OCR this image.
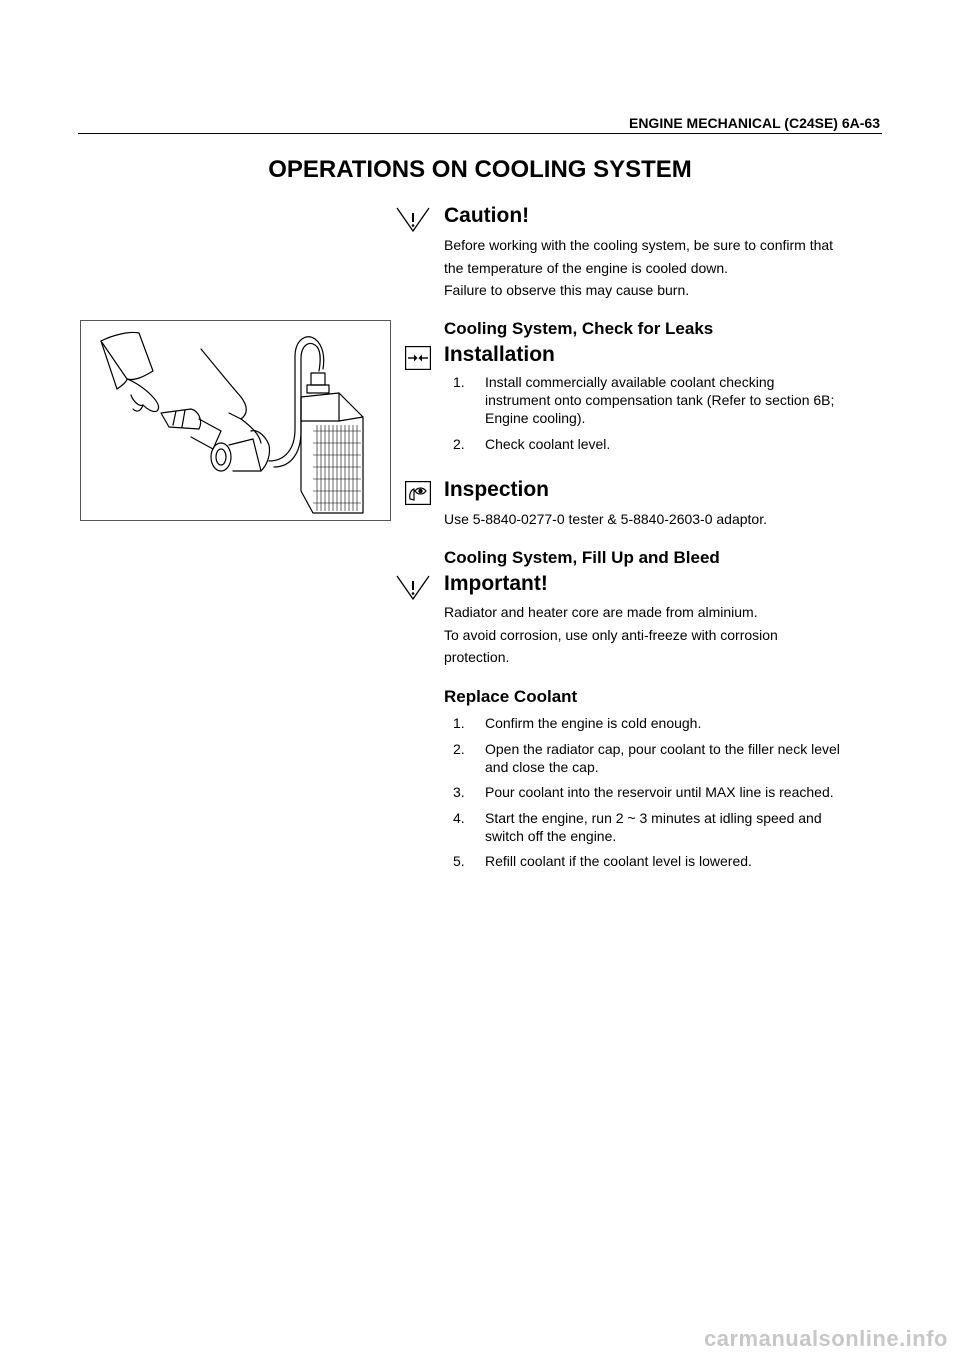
ENGINE MECHANICAL (C24SE) 6A-63
OPERATIONS ON COOLING SYSTEM
Caution!
Before working with the cooling system, be sure to confirm that
the temperature of the engine is cooled down.
Failure to observe this may cause burn.
Cooling System, Check for Leaks
Installation
1.	Install commercially available coolant checking
instrument onto compensation tank (Refer to section 6B;
Engine cooling).
2.	Check coolant level.
Inspection
Use 5-8840-0277-0 tester & 5-8840-2603-0 adaptor.
Cooling System, Fill Up and Bleed
Important!
Radiator and heater core are made from alminium.
To avoid corrosion, use only anti-freeze with corrosion
protection.
Replace Coolant
1.	Confirm the engine is cold enough.
2.	Open the radiator cap, pour coolant to the filler neck level
and close the cap.
3.	Pour coolant into the reservoir until MAX line is reached.
4.	Start the engine, run 2 ~ 3 minutes at idling speed and
switch off the engine.
5.	Refill coolant if the coolant level is lowered.
carmanualsonline.info
